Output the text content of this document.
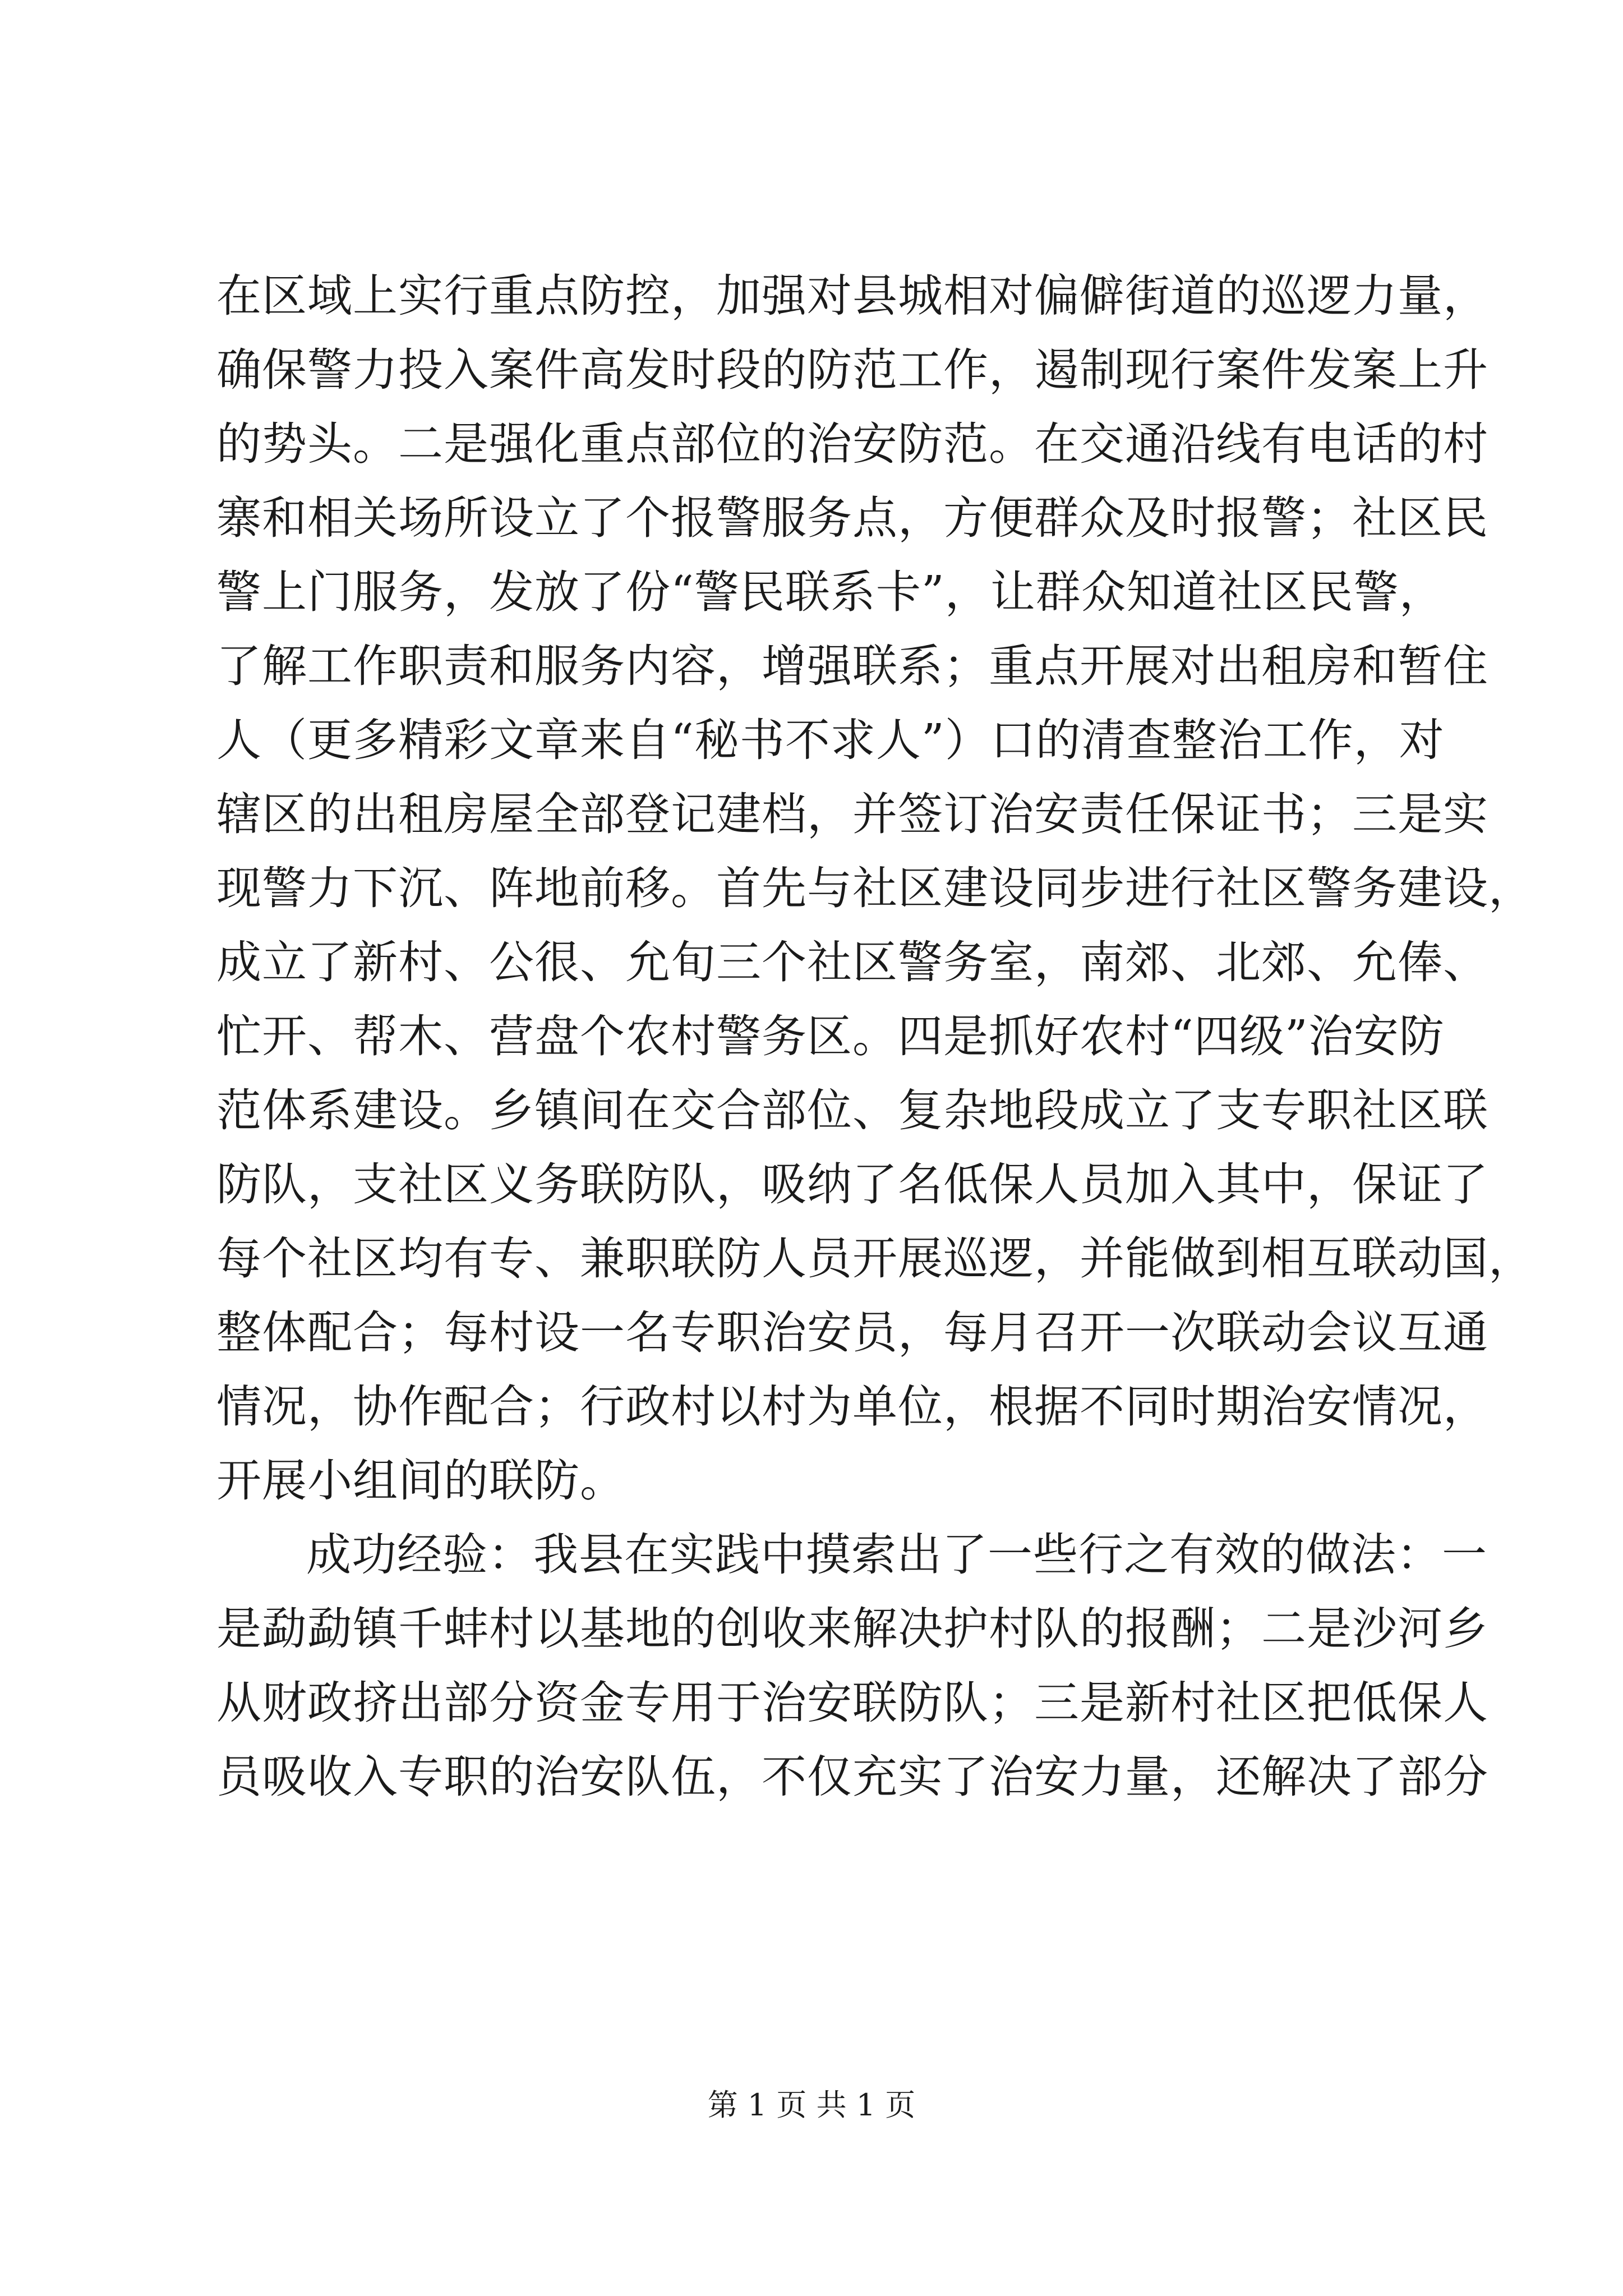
在区域上实行重点防控，加强对县城相对偏僻街道的巡逻力量，
确保警力投入案件高发时段的防范工作，遏制现行案件发案上升
的势头。二是强化重点部位的治安防范。在交通沿线有电话的村
寨和相关场所设立了个报警服务点，方便群众及时报警；社区民
警上门服务，发放了份“警民联系卡”，让群众知道社区民警，
了解工作职责和服务内容，增强联系；重点开展对出租房和暂住
人（更多精彩文章来自“秘书不求人”）口的清查整治工作，对
辖区的出租房屋全部登记建档，并签订治安责任保证书；三是实
现警力下沉、阵地前移。首先与社区建设同步进行社区警务建设，
成立了新村、公很、允旬三个社区警务室，南郊、北郊、允俸、
忙开、帮木、营盘个农村警务区。四是抓好农村“四级”治安防
范体系建设。乡镇间在交合部位、复杂地段成立了支专职社区联
防队，支社区义务联防队，吸纳了名低保人员加入其中，保证了
每个社区均有专、兼职联防人员开展巡逻，并能做到相互联动国，
整体配合；每村设一名专职治安员，每月召开一次联动会议互通
情况，协作配合；行政村以村为单位，根据不同时期治安情况，
开展小组间的联防。
成功经验：我县在实践中摸索出了一些行之有效的做法：一
是勐勐镇千蚌村以基地的创收来解决护村队的报酬；二是沙河乡
从财政挤出部分资金专用于治安联防队；三是新村社区把低保人
员吸收入专职的治安队伍，不仅充实了治安力量，还解决了部分
第 1 页 共 1 页
